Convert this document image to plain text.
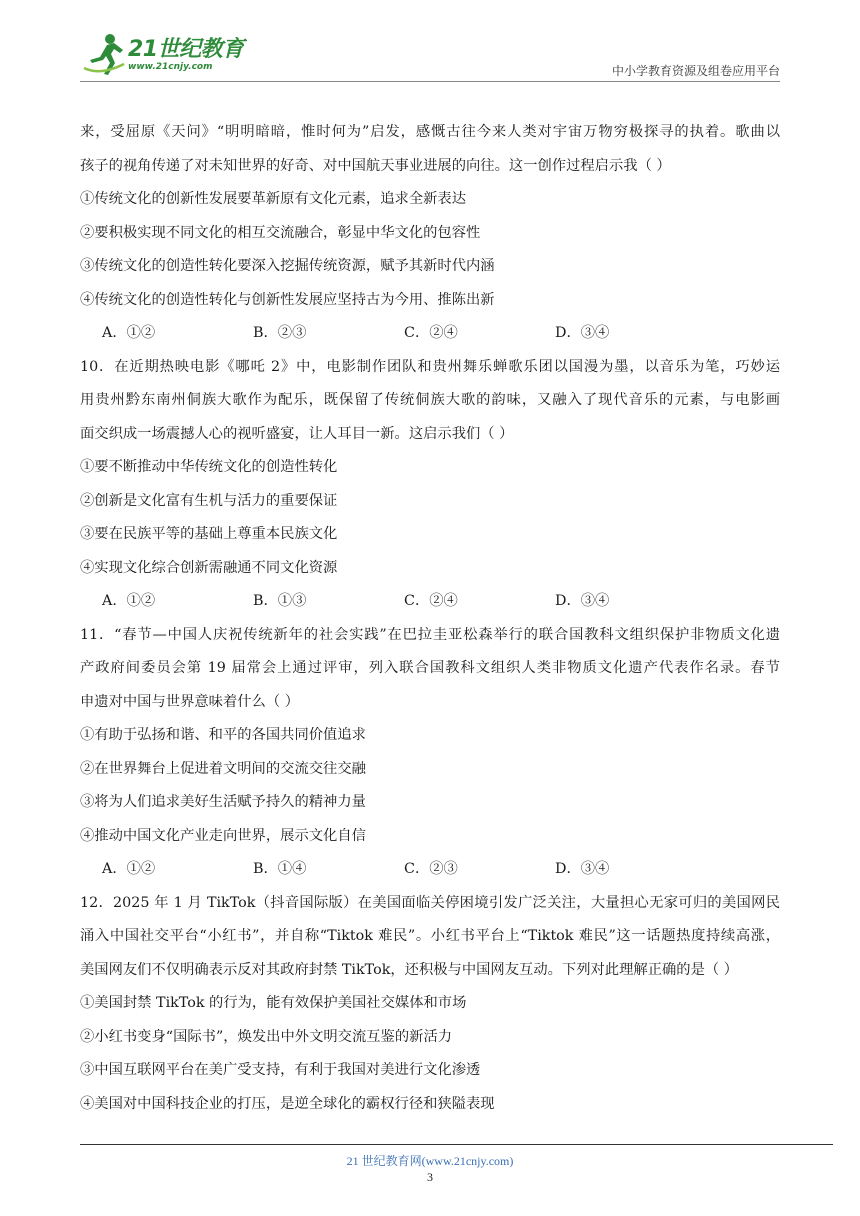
21世纪教育
www.21cnjy.com	中小学教育资源及组卷应用平台
来，受屈原《天问》“明明暗暗，惟时何为”启发，感慨古往今来人类对宇宙万物穷极探寻的执着。歌曲以
孩子的视角传递了对未知世界的好奇、对中国航天事业进展的向往。这一创作过程启示我（ ）
①传统文化的创新性发展要革新原有文化元素，追求全新表达
②要积极实现不同文化的相互交流融合，彰显中华文化的包容性
③传统文化的创造性转化要深入挖掘传统资源，赋予其新时代内涵
④传统文化的创造性转化与创新性发展应坚持古为今用、推陈出新
A．①②	B．②③	C．②④	D．③④
10．在近期热映电影《哪吒 2》中，电影制作团队和贵州舞乐蝉歌乐团以国漫为墨，以音乐为笔，巧妙运
用贵州黔东南州侗族大歌作为配乐，既保留了传统侗族大歌的韵味，又融入了现代音乐的元素，与电影画
面交织成一场震撼人心的视听盛宴，让人耳目一新。这启示我们（ ）
①要不断推动中华传统文化的创造性转化
②创新是文化富有生机与活力的重要保证
③要在民族平等的基础上尊重本民族文化
④实现文化综合创新需融通不同文化资源
A．①②	B．①③	C．②④	D．③④
11．“春节—中国人庆祝传统新年的社会实践”在巴拉圭亚松森举行的联合国教科文组织保护非物质文化遗
产政府间委员会第 19 届常会上通过评审，列入联合国教科文组织人类非物质文化遗产代表作名录。春节
申遗对中国与世界意味着什么（ ）
①有助于弘扬和谐、和平的各国共同价值追求
②在世界舞台上促进着文明间的交流交往交融
③将为人们追求美好生活赋予持久的精神力量
④推动中国文化产业走向世界，展示文化自信
A．①②	B．①④	C．②③	D．③④
12．2025 年 1 月 TikTok（抖音国际版）在美国面临关停困境引发广泛关注，大量担心无家可归的美国网民
涌入中国社交平台“小红书”，并自称“Tiktok 难民”。小红书平台上“Tiktok 难民”这一话题热度持续高涨，
美国网友们不仅明确表示反对其政府封禁 TikTok，还积极与中国网友互动。下列对此理解正确的是（ ）
①美国封禁 TikTok 的行为，能有效保护美国社交媒体和市场
②小红书变身“国际书”，焕发出中外文明交流互鉴的新活力
③中国互联网平台在美广受支持，有利于我国对美进行文化渗透
④美国对中国科技企业的打压，是逆全球化的霸权行径和狭隘表现
21 世纪教育网(www.21cnjy.com)
3
